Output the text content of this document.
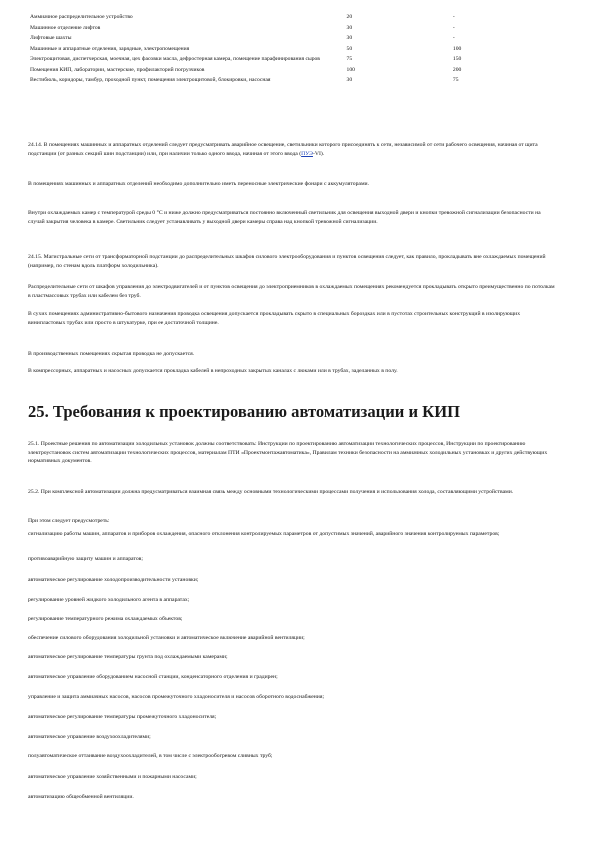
Аммиачное распределительное устройство	20	-
Машинное отделение лифтов	30	-
Лифтовые шахты	30	-
Машинные и аппаратные отделения, зарядные, электропомещения	50	100
Электрощитовая, диспетчерская, моечная, цех фасовки масла, дефростерная камера, помещение парафинирования сыров	75	150
Помещения КИП, лаборатории, мастерские, профилакторий погрузчиков	100	200
Вестибюль, коридоры, тамбур, проходной пункт, помещения электрощитовой, блокировки, насосная	30	75

24.14. В помещениях машинных и аппаратных отделений следует предусматривать аварийное освещение, светильники которого присоединять к сети, независимой от сети рабочего освещения, начиная от щита подстанции (от разных секций шин подстанции) или, при наличии только одного ввода, начиная от этого ввода (ПУЭ-VI).

В помещениях машинных и аппаратных отделений необходимо дополнительно иметь переносные электрические фонари с аккумуляторами.

Внутри охлаждаемых камер с температурой среды 0 °С и ниже должно предусматриваться постоянно включенный светильник для освещения выходной двери и кнопки тревожной сигнализации безопасности на случай закрытия человека в камере. Светильник следует устанавливать у выходной двери камеры справа над кнопкой тревожной сигнализации.

24.15. Магистральные сети от трансформаторной подстанции до распределительных шкафов силового электрооборудования и пунктов освещения следует, как правило, прокладывать вне охлаждаемых помещений (например, по стенам вдоль платформ холодильника).

Распределительные сети от шкафов управления до электродвигателей и от пунктов освещения до электроприемников в охлаждаемых помещениях рекомендуется прокладывать открыто преимущественно по потолкам в пластмассовых трубах или кабелем без труб.

В сухих помещениях административно-бытового назначения проводка освещения допускается прокладывать скрыто в специальных бороздках или в пустотах строительных конструкций в изолирующих винипластовых трубах или просто в штукатурке, при ее достаточной толщине.

В производственных помещениях скрытая проводка не допускается.

В компрессорных, аппаратных и насосных допускается прокладка кабелей в непроходных закрытых каналах с люками или в трубах, заделанных в полу.

25. Требования к проектированию автоматизации и КИП

25.1. Проектные решения по автоматизации холодильных установок должны соответствовать: Инструкции по проектированию автоматизации технологических процессов, Инструкции по проектированию электроустановок систем автоматизации технологических процессов, материалам ПТИ «Проектмонтажавтоматика», Правилам техники безопасности на аммиачных холодильных установках и других действующих нормативных документов.

25.2. При комплексной автоматизации должна предусматриваться взаимная связь между основными технологическими процессами получения и использования холода, составляющими устройствами.

При этом следует предусмотреть:

сигнализацию работы машин, аппаратов и приборов охлаждения, опасного отклонения контролируемых параметров от допустимых значений, аварийного значения контролируемых параметров;

противоаварийную защиту машин и аппаратов;

автоматическое регулирование холодопроизводительности установки;

регулирование уровней жидкого холодильного агента в аппаратах;

регулирование температурного режима охлаждаемых объектов;

обеспечение силового оборудования холодильной установки и автоматическое включение аварийной вентиляции;

автоматическое регулирование температуры грунта под охлаждаемыми камерами;

автоматическое управление оборудованием насосной станции, конденсаторного отделения и градирен;

управление и защита аммиачных насосов, насосов промежуточного хладоносителя и насосов оборотного водоснабжения;

автоматическое регулирование температуры промежуточного хладоносителя;

автоматическое управление воздухоохладителями;

полуавтоматическое оттаивание воздухоохладителей, в том числе с электрообогревом сливных труб;

автоматическое управление хозяйственными и пожарными насосами;

автоматизацию общеобменной вентиляции.
